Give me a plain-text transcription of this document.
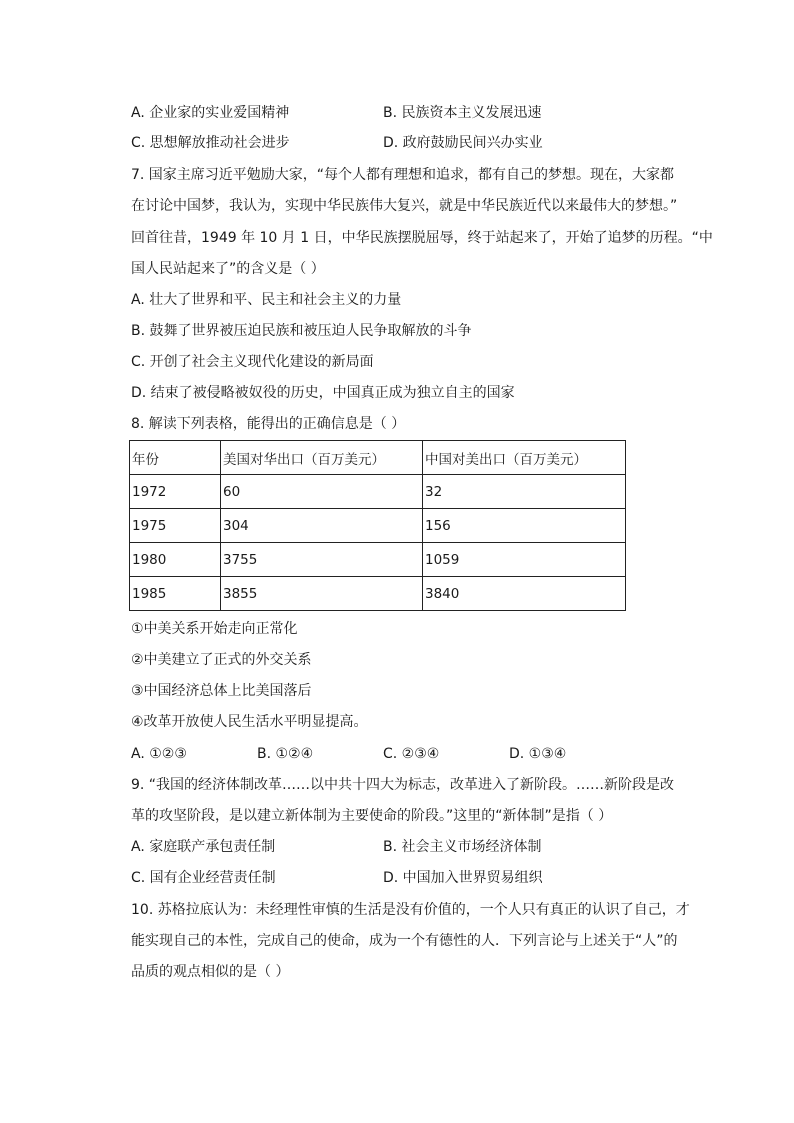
A. 企业家的实业爱国精神	B. 民族资本主义发展迅速
C. 思想解放推动社会进步	D. 政府鼓励民间兴办实业
7. 国家主席习近平勉励大家，“每个人都有理想和追求，都有自己的梦想。现在，大家都
在讨论中国梦，我认为，实现中华民族伟大复兴，就是中华民族近代以来最伟大的梦想。”
回首往昔，1949 年 10 月 1 日，中华民族摆脱屈辱，终于站起来了，开始了追梦的历程。“中
国人民站起来了”的含义是（ ）
A. 壮大了世界和平、民主和社会主义的力量
B. 鼓舞了世界被压迫民族和被压迫人民争取解放的斗争
C. 开创了社会主义现代化建设的新局面
D. 结束了被侵略被奴役的历史，中国真正成为独立自主的国家
8. 解读下列表格，能得出的正确信息是（ ）
年份	美国对华出口（百万美元）	中国对美出口（百万美元）
1972	60	32
1975	304	156
1980	3755	1059
1985	3855	3840
①中美关系开始走向正常化
②中美建立了正式的外交关系
③中国经济总体上比美国落后
④改革开放使人民生活水平明显提高。
A. ①②③	B. ①②④	C. ②③④	D. ①③④
9. “我国的经济体制改革……以中共十四大为标志，改革进入了新阶段。……新阶段是改
革的攻坚阶段，是以建立新体制为主要使命的阶段。”这里的“新体制”是指（ ）
A. 家庭联产承包责任制	B. 社会主义市场经济体制
C. 国有企业经营责任制	D. 中国加入世界贸易组织
10. 苏格拉底认为：未经理性审慎的生活是没有价值的，一个人只有真正的认识了自己，才
能实现自己的本性，完成自己的使命，成为一个有德性的人．下列言论与上述关于“人”的
品质的观点相似的是（ ）
